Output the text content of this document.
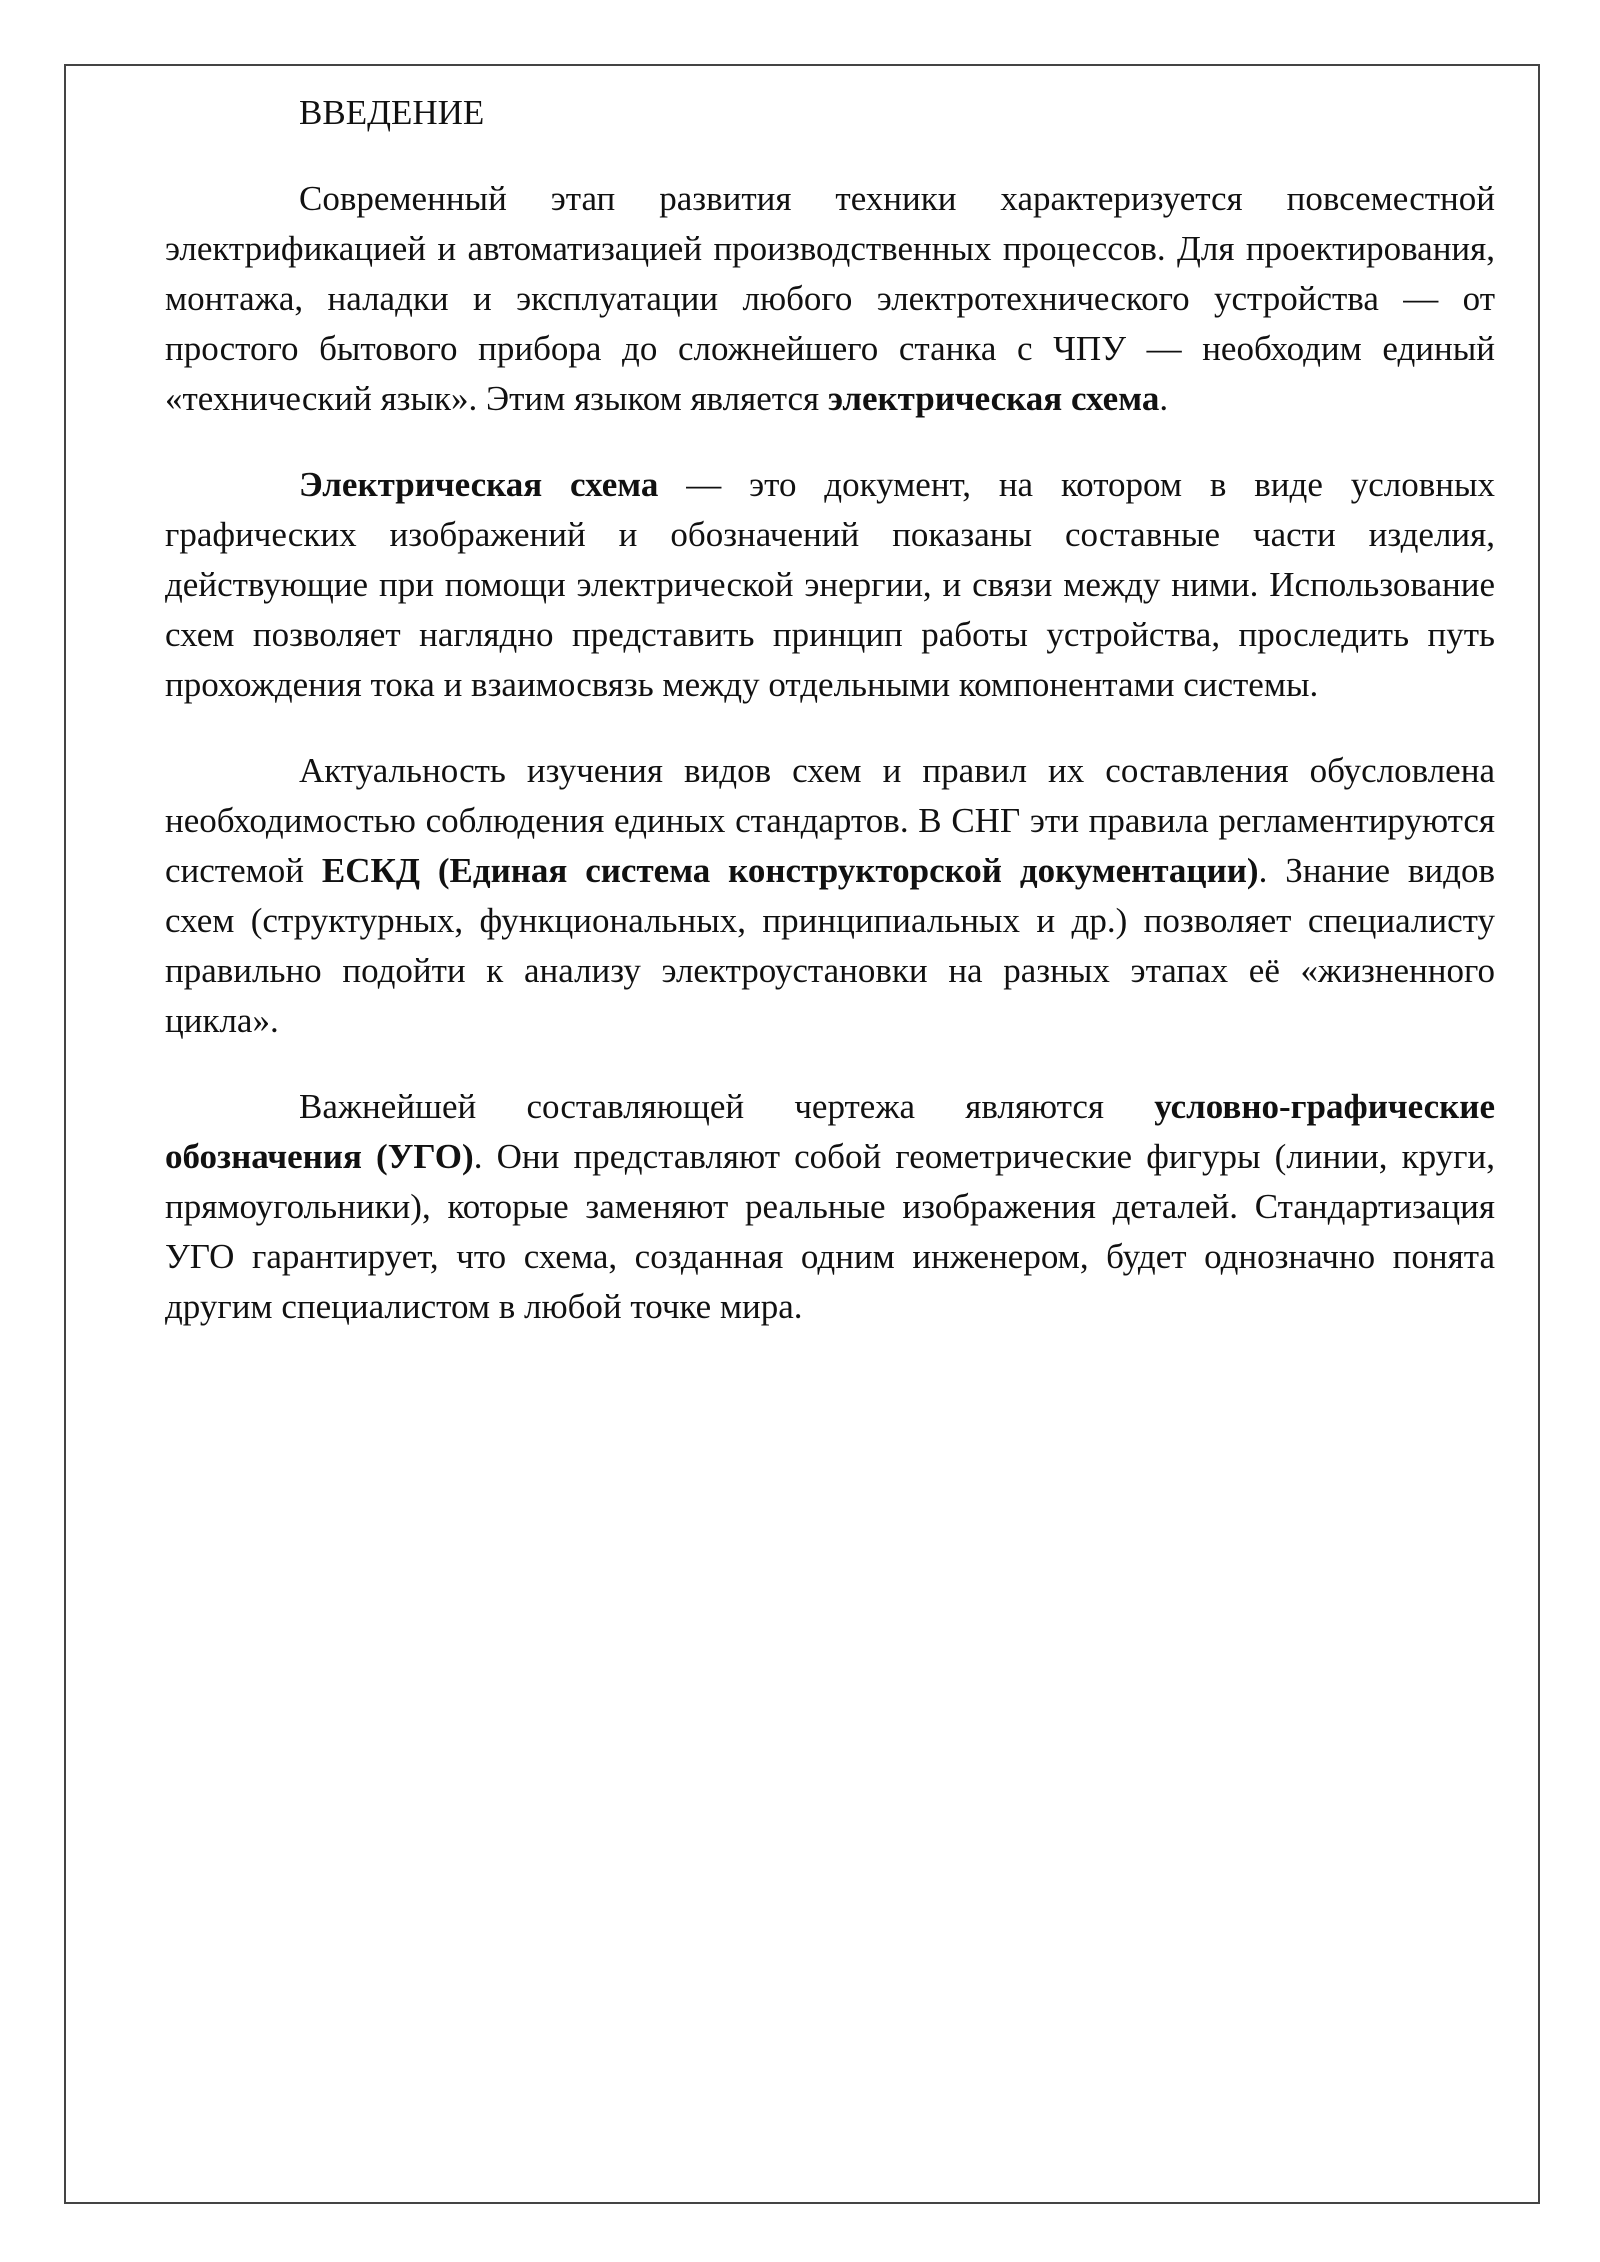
ВВЕДЕНИЕ

Современный этап развития техники характеризуется повсеместной электрификацией и автоматизацией производственных процессов. Для проектирования, монтажа, наладки и эксплуатации любого электротехнического устройства — от простого бытового прибора до сложнейшего станка с ЧПУ — необходим единый «технический язык». Этим языком является электрическая схема.

Электрическая схема — это документ, на котором в виде условных графических изображений и обозначений показаны составные части изделия, действующие при помощи электрической энергии, и связи между ними. Использование схем позволяет наглядно представить принцип работы устройства, проследить путь прохождения тока и взаимосвязь между отдельными компонентами системы.

Актуальность изучения видов схем и правил их составления обусловлена необходимостью соблюдения единых стандартов. В СНГ эти правила регламентируются системой ЕСКД (Единая система конструкторской документации). Знание видов схем (структурных, функциональных, принципиальных и др.) позволяет специалисту правильно подойти к анализу электроустановки на разных этапах её «жизненного цикла».

Важнейшей составляющей чертежа являются условно-графические обозначения (УГО). Они представляют собой геометрические фигуры (линии, круги, прямоугольники), которые заменяют реальные изображения деталей. Стандартизация УГО гарантирует, что схема, созданная одним инженером, будет однозначно понята другим специалистом в любой точке мира.
